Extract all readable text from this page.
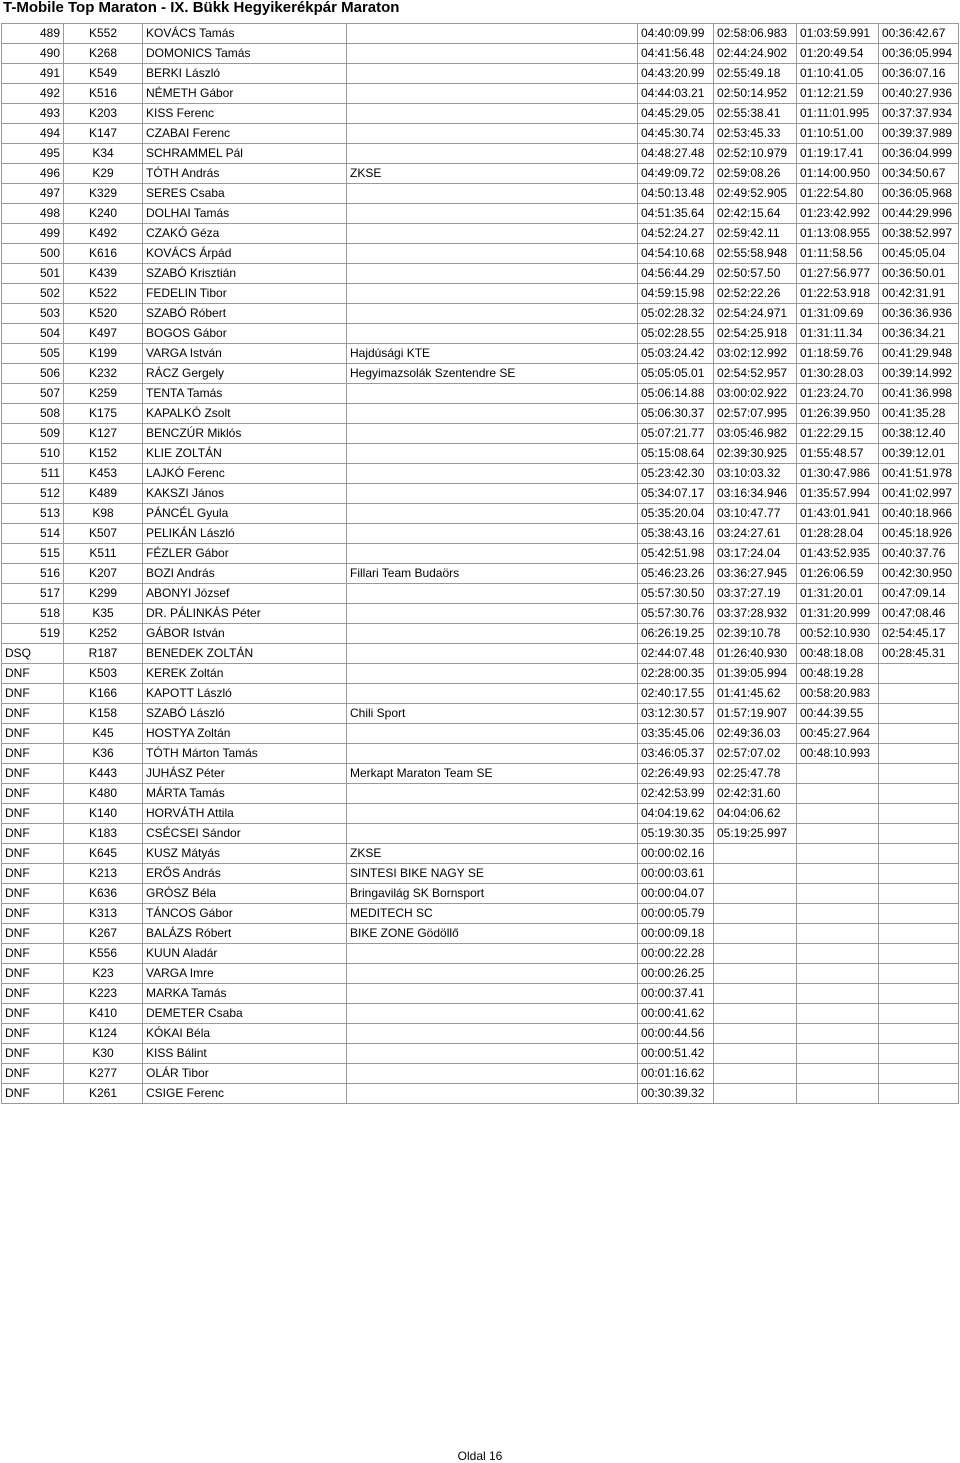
T-Mobile Top Maraton - IX. Bükk Hegyikerékpár Maraton
489	K552	KOVÁCS Tamás		04:40:09.99	02:58:06.983	01:03:59.991	00:36:42.67
490	K268	DOMONICS Tamás		04:41:56.48	02:44:24.902	01:20:49.54	00:36:05.994
491	K549	BERKI László		04:43:20.99	02:55:49.18	01:10:41.05	00:36:07.16
492	K516	NÉMETH Gábor		04:44:03.21	02:50:14.952	01:12:21.59	00:40:27.936
493	K203	KISS Ferenc		04:45:29.05	02:55:38.41	01:11:01.995	00:37:37.934
494	K147	CZABAI Ferenc		04:45:30.74	02:53:45.33	01:10:51.00	00:39:37.989
495	K34	SCHRAMMEL Pál		04:48:27.48	02:52:10.979	01:19:17.41	00:36:04.999
496	K29	TÓTH András	ZKSE	04:49:09.72	02:59:08.26	01:14:00.950	00:34:50.67
497	K329	SERES Csaba		04:50:13.48	02:49:52.905	01:22:54.80	00:36:05.968
498	K240	DOLHAI Tamás		04:51:35.64	02:42:15.64	01:23:42.992	00:44:29.996
499	K492	CZAKÓ Géza		04:52:24.27	02:59:42.11	01:13:08.955	00:38:52.997
500	K616	KOVÁCS Árpád		04:54:10.68	02:55:58.948	01:11:58.56	00:45:05.04
501	K439	SZABÓ Krisztián		04:56:44.29	02:50:57.50	01:27:56.977	00:36:50.01
502	K522	FEDELIN Tibor		04:59:15.98	02:52:22.26	01:22:53.918	00:42:31.91
503	K520	SZABÓ Róbert		05:02:28.32	02:54:24.971	01:31:09.69	00:36:36.936
504	K497	BOGOS Gábor		05:02:28.55	02:54:25.918	01:31:11.34	00:36:34.21
505	K199	VARGA István	Hajdúsági KTE	05:03:24.42	03:02:12.992	01:18:59.76	00:41:29.948
506	K232	RÁCZ Gergely	Hegyimazsolák Szentendre SE	05:05:05.01	02:54:52.957	01:30:28.03	00:39:14.992
507	K259	TENTA Tamás		05:06:14.88	03:00:02.922	01:23:24.70	00:41:36.998
508	K175	KAPALKÓ Zsolt		05:06:30.37	02:57:07.995	01:26:39.950	00:41:35.28
509	K127	BENCZÚR Miklós		05:07:21.77	03:05:46.982	01:22:29.15	00:38:12.40
510	K152	KLIE ZOLTÁN		05:15:08.64	02:39:30.925	01:55:48.57	00:39:12.01
511	K453	LAJKÓ Ferenc		05:23:42.30	03:10:03.32	01:30:47.986	00:41:51.978
512	K489	KAKSZI János		05:34:07.17	03:16:34.946	01:35:57.994	00:41:02.997
513	K98	PÁNCÉL Gyula		05:35:20.04	03:10:47.77	01:43:01.941	00:40:18.966
514	K507	PELIKÁN László		05:38:43.16	03:24:27.61	01:28:28.04	00:45:18.926
515	K511	FÉZLER Gábor		05:42:51.98	03:17:24.04	01:43:52.935	00:40:37.76
516	K207	BOZI András	Fillari Team Budaörs	05:46:23.26	03:36:27.945	01:26:06.59	00:42:30.950
517	K299	ABONYI József		05:57:30.50	03:37:27.19	01:31:20.01	00:47:09.14
518	K35	DR. PÁLINKÁS Péter		05:57:30.76	03:37:28.932	01:31:20.999	00:47:08.46
519	K252	GÁBOR István		06:26:19.25	02:39:10.78	00:52:10.930	02:54:45.17
DSQ	R187	BENEDEK ZOLTÁN		02:44:07.48	01:26:40.930	00:48:18.08	00:28:45.31
DNF	K503	KEREK Zoltán		02:28:00.35	01:39:05.994	00:48:19.28	
DNF	K166	KAPOTT László		02:40:17.55	01:41:45.62	00:58:20.983	
DNF	K158	SZABÓ László	Chili Sport	03:12:30.57	01:57:19.907	00:44:39.55	
DNF	K45	HOSTYA Zoltán		03:35:45.06	02:49:36.03	00:45:27.964	
DNF	K36	TÓTH Márton Tamás		03:46:05.37	02:57:07.02	00:48:10.993	
DNF	K443	JUHÁSZ Péter	Merkapt Maraton Team SE	02:26:49.93	02:25:47.78		
DNF	K480	MÁRTA Tamás		02:42:53.99	02:42:31.60		
DNF	K140	HORVÁTH Attila		04:04:19.62	04:04:06.62		
DNF	K183	CSÉCSEI Sándor		05:19:30.35	05:19:25.997		
DNF	K645	KUSZ Mátyás	ZKSE	00:00:02.16			
DNF	K213	ERŐS András	SINTESI BIKE NAGY SE	00:00:03.61			
DNF	K636	GRÓSZ Béla	Bringavilág SK Bornsport	00:00:04.07			
DNF	K313	TÁNCOS Gábor	MEDITECH SC	00:00:05.79			
DNF	K267	BALÁZS Róbert	BIKE ZONE Gödöllő	00:00:09.18			
DNF	K556	KUUN Aladár		00:00:22.28			
DNF	K23	VARGA Imre		00:00:26.25			
DNF	K223	MARKA Tamás		00:00:37.41			
DNF	K410	DEMETER Csaba		00:00:41.62			
DNF	K124	KÓKAI Béla		00:00:44.56			
DNF	K30	KISS Bálint		00:00:51.42			
DNF	K277	OLÁR Tibor		00:01:16.62			
DNF	K261	CSIGE Ferenc		00:30:39.32			
Oldal 16
